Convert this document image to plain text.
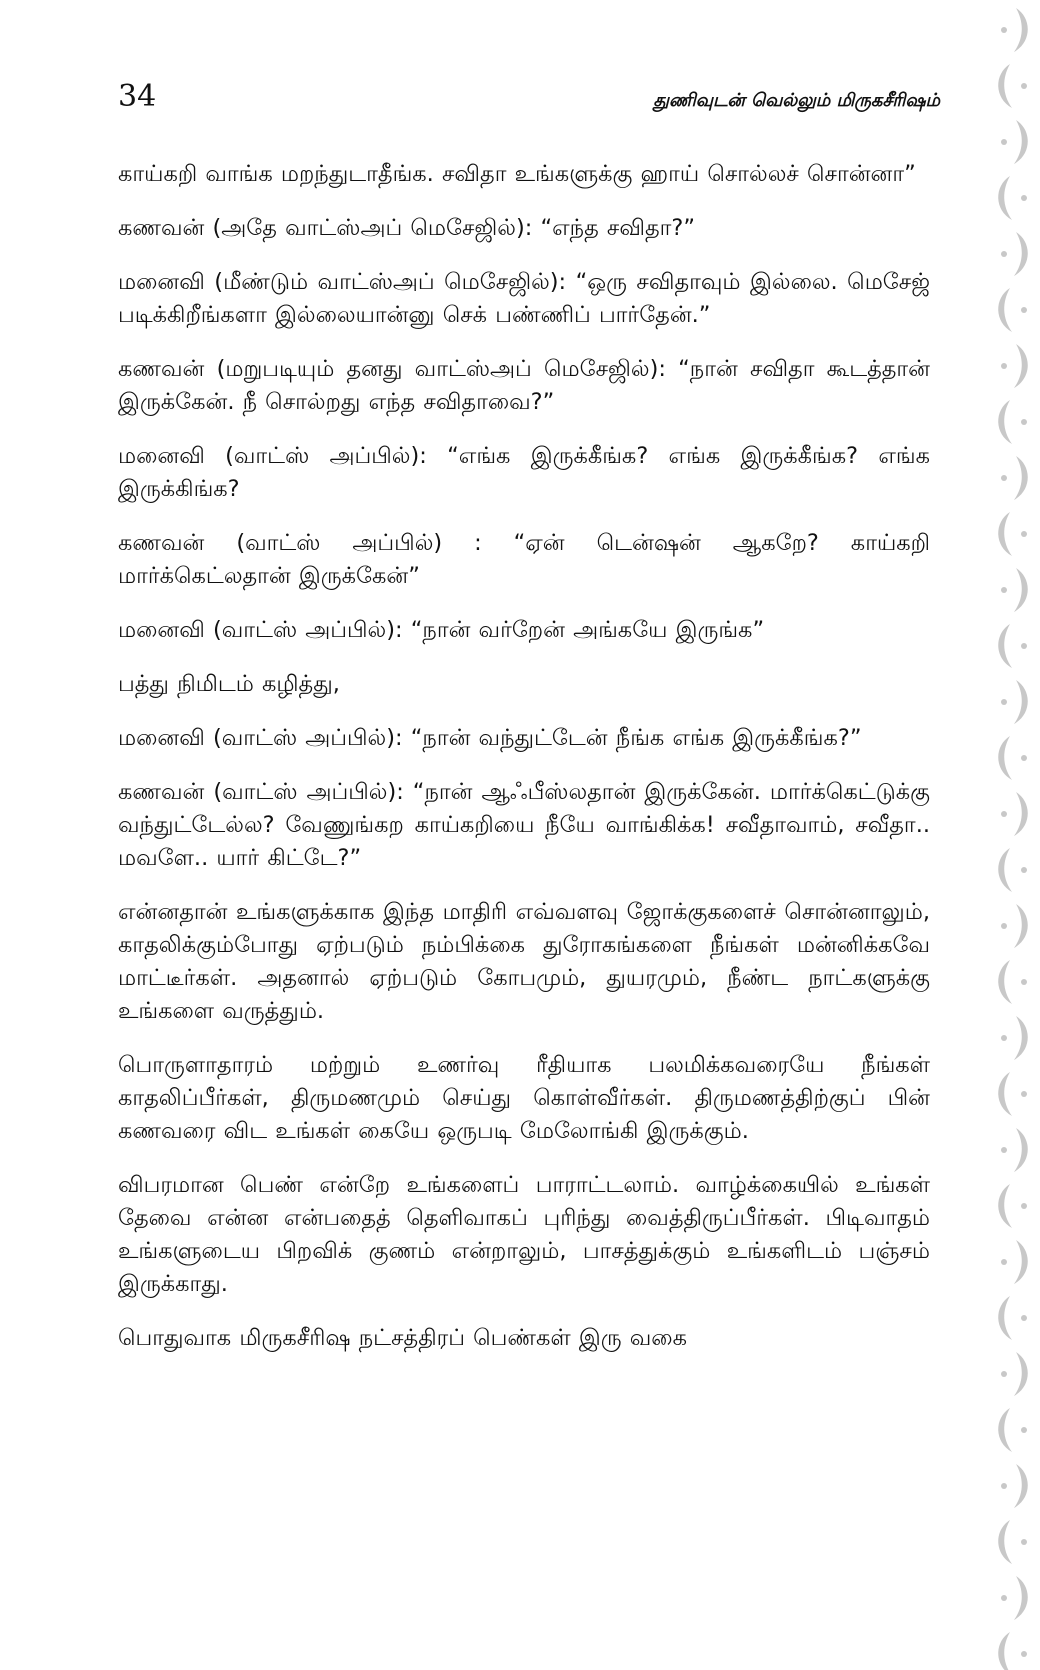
34	துணிவுடன் வெல்லும் மிருகசீரிஷம்

காய்கறி வாங்க மறந்துடாதீங்க. சவிதா உங்களுக்கு ஹாய் சொல்லச் சொன்னா”

கணவன் (அதே வாட்ஸ்அப் மெசேஜில்): “எந்த சவிதா?”

மனைவி (மீண்டும் வாட்ஸ்அப் மெசேஜில்): “ஒரு சவிதாவும் இல்லை. மெசேஜ் படிக்கிறீங்களா இல்லையான்னு செக் பண்ணிப் பார்தேன்.”

கணவன் (மறுபடியும் தனது வாட்ஸ்அப் மெசேஜில்): “நான் சவிதா கூடத்தான் இருக்கேன். நீ சொல்றது எந்த சவிதாவை?”

மனைவி (வாட்ஸ் அப்பில்): “எங்க இருக்கீங்க? எங்க இருக்கீங்க? எங்க இருக்கிங்க?

கணவன் (வாட்ஸ் அப்பில்) : “ஏன் டென்ஷன் ஆகறே? காய்கறி மார்க்கெட்லதான் இருக்கேன்”

மனைவி (வாட்ஸ் அப்பில்): “நான் வர்றேன் அங்கயே இருங்க”

பத்து நிமிடம் கழித்து,

மனைவி (வாட்ஸ் அப்பில்): “நான் வந்துட்டேன் நீங்க எங்க இருக்கீங்க?”

கணவன் (வாட்ஸ் அப்பில்): “நான் ஆஃபீஸ்லதான் இருக்கேன். மார்க்கெட்டுக்கு வந்துட்டேல்ல? வேணுங்கற காய்கறியை நீயே வாங்கிக்க! சவீதாவாம், சவீதா.. மவளே.. யார் கிட்டே?”

என்னதான் உங்களுக்காக இந்த மாதிரி எவ்வளவு ஜோக்குகளைச் சொன்னாலும், காதலிக்கும்போது ஏற்படும் நம்பிக்கை துரோகங்களை நீங்கள் மன்னிக்கவே மாட்டீர்கள். அதனால் ஏற்படும் கோபமும், துயரமும், நீண்ட நாட்களுக்கு உங்களை வருத்தும்.

பொருளாதாரம் மற்றும் உணர்வு ரீதியாக பலமிக்கவரையே நீங்கள் காதலிப்பீர்கள், திருமணமும் செய்து கொள்வீர்கள். திருமணத்திற்குப் பின் கணவரை விட உங்கள் கையே ஒருபடி மேலோங்கி இருக்கும்.

விபரமான பெண் என்றே உங்களைப் பாராட்டலாம். வாழ்க்கையில் உங்கள் தேவை என்ன என்பதைத் தெளிவாகப் புரிந்து வைத்திருப்பீர்கள். பிடிவாதம் உங்களுடைய பிறவிக் குணம் என்றாலும், பாசத்துக்கும் உங்களிடம் பஞ்சம் இருக்காது.

பொதுவாக மிருகசீரிஷ நட்சத்திரப் பெண்கள் இரு வகை
